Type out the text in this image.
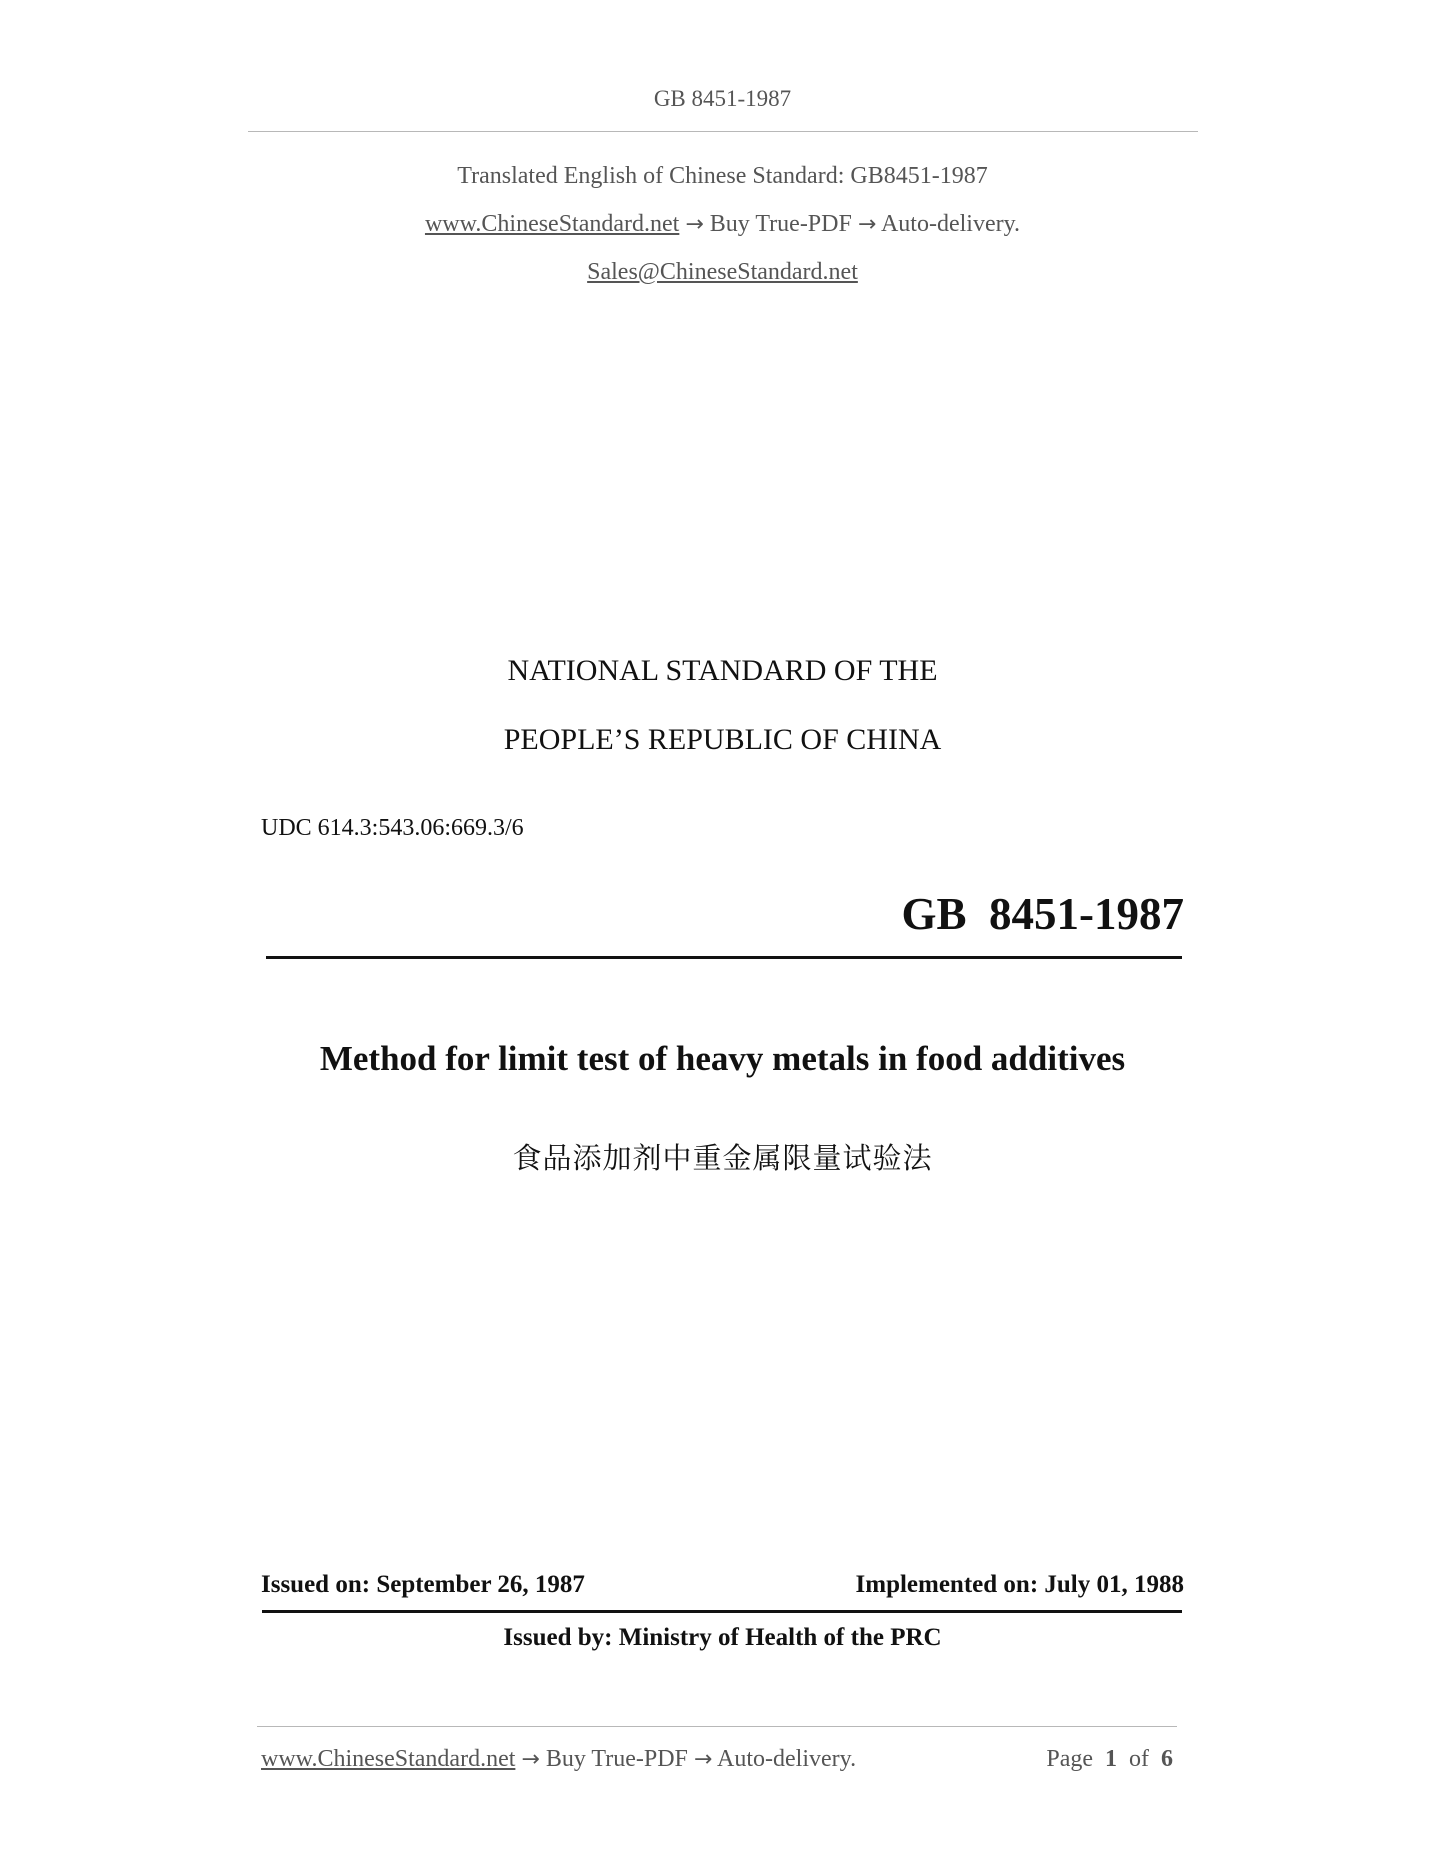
GB 8451-1987
Translated English of Chinese Standard: GB8451-1987
www.ChineseStandard.net → Buy True-PDF → Auto-delivery.
Sales@ChineseStandard.net
NATIONAL STANDARD OF THE
PEOPLE’S REPUBLIC OF CHINA
UDC 614.3:543.06:669.3/6
GB  8451-1987
Method for limit test of heavy metals in food additives
食品添加剂中重金属限量试验法
Issued on: September 26, 1987	Implemented on: July 01, 1988
Issued by: Ministry of Health of the PRC
www.ChineseStandard.net → Buy True-PDF → Auto-delivery.	Page 1 of 6
